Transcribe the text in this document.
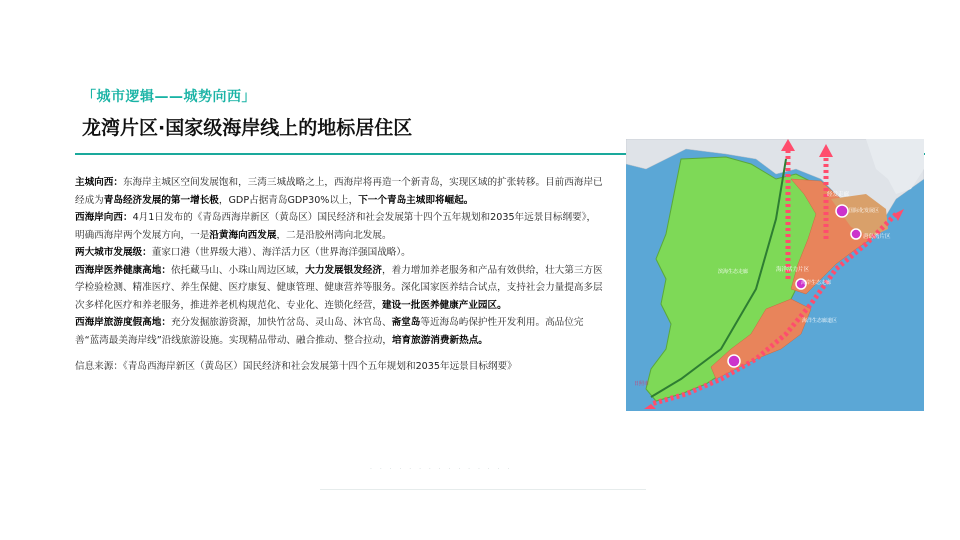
「城市逻辑——城势向西」
龙湾片区·国家级海岸线上的地标居住区

主城向西：东海岸主城区空间发展饱和，三湾三城战略之上，西海岸将再造一个新青岛，实现区域的扩张转移。目前西海岸已经成为青岛经济发展的第一增长极，GDP占据青岛GDP30%以上，下一个青岛主城即将崛起。

西海岸向西：4月1日发布的《青岛西海岸新区（黄岛区）国民经济和社会发展第十四个五年规划和2035年远景目标纲要》，明确西海岸两个发展方向，一是沿黄海向西发展，二是沿胶州湾向北发展。

两大城市发展级：董家口港（世界级大港）、海洋活力区（世界海洋强国战略）。

西海岸医养健康高地：依托藏马山、小珠山周边区域，大力发展银发经济，着力增加养老服务和产品有效供给，壮大第三方医学检验检测、精准医疗、养生保健、医疗康复、健康管理、健康营养等服务。深化国家医养结合试点，支持社会力量提高多层次多样化医疗和养老服务，推进养老机构规范化、专业化、连锁化经营，建设一批医养健康产业园区。

西海岸旅游度假高地：充分发掘旅游资源，加快竹岔岛、灵山岛、沐官岛、斋堂岛等近海岛屿保护性开发利用。高品位完善“蓝湾最美海岸线”沿线旅游设施。实现精品带动、融合推动、整合拉动，培育旅游消费新热点。

信息来源：《青岛西海岸新区（黄岛区）国民经济和社会发展第十四个五年规划和2035年远景目标纲要》

经发走廊
国际化发展区
唐岛湾片区
海洋活力片区
滨海生态走廊
海岸生态走廊
海洋生态廊道区
日照市
· · · · · · · · · · · · · · ·
